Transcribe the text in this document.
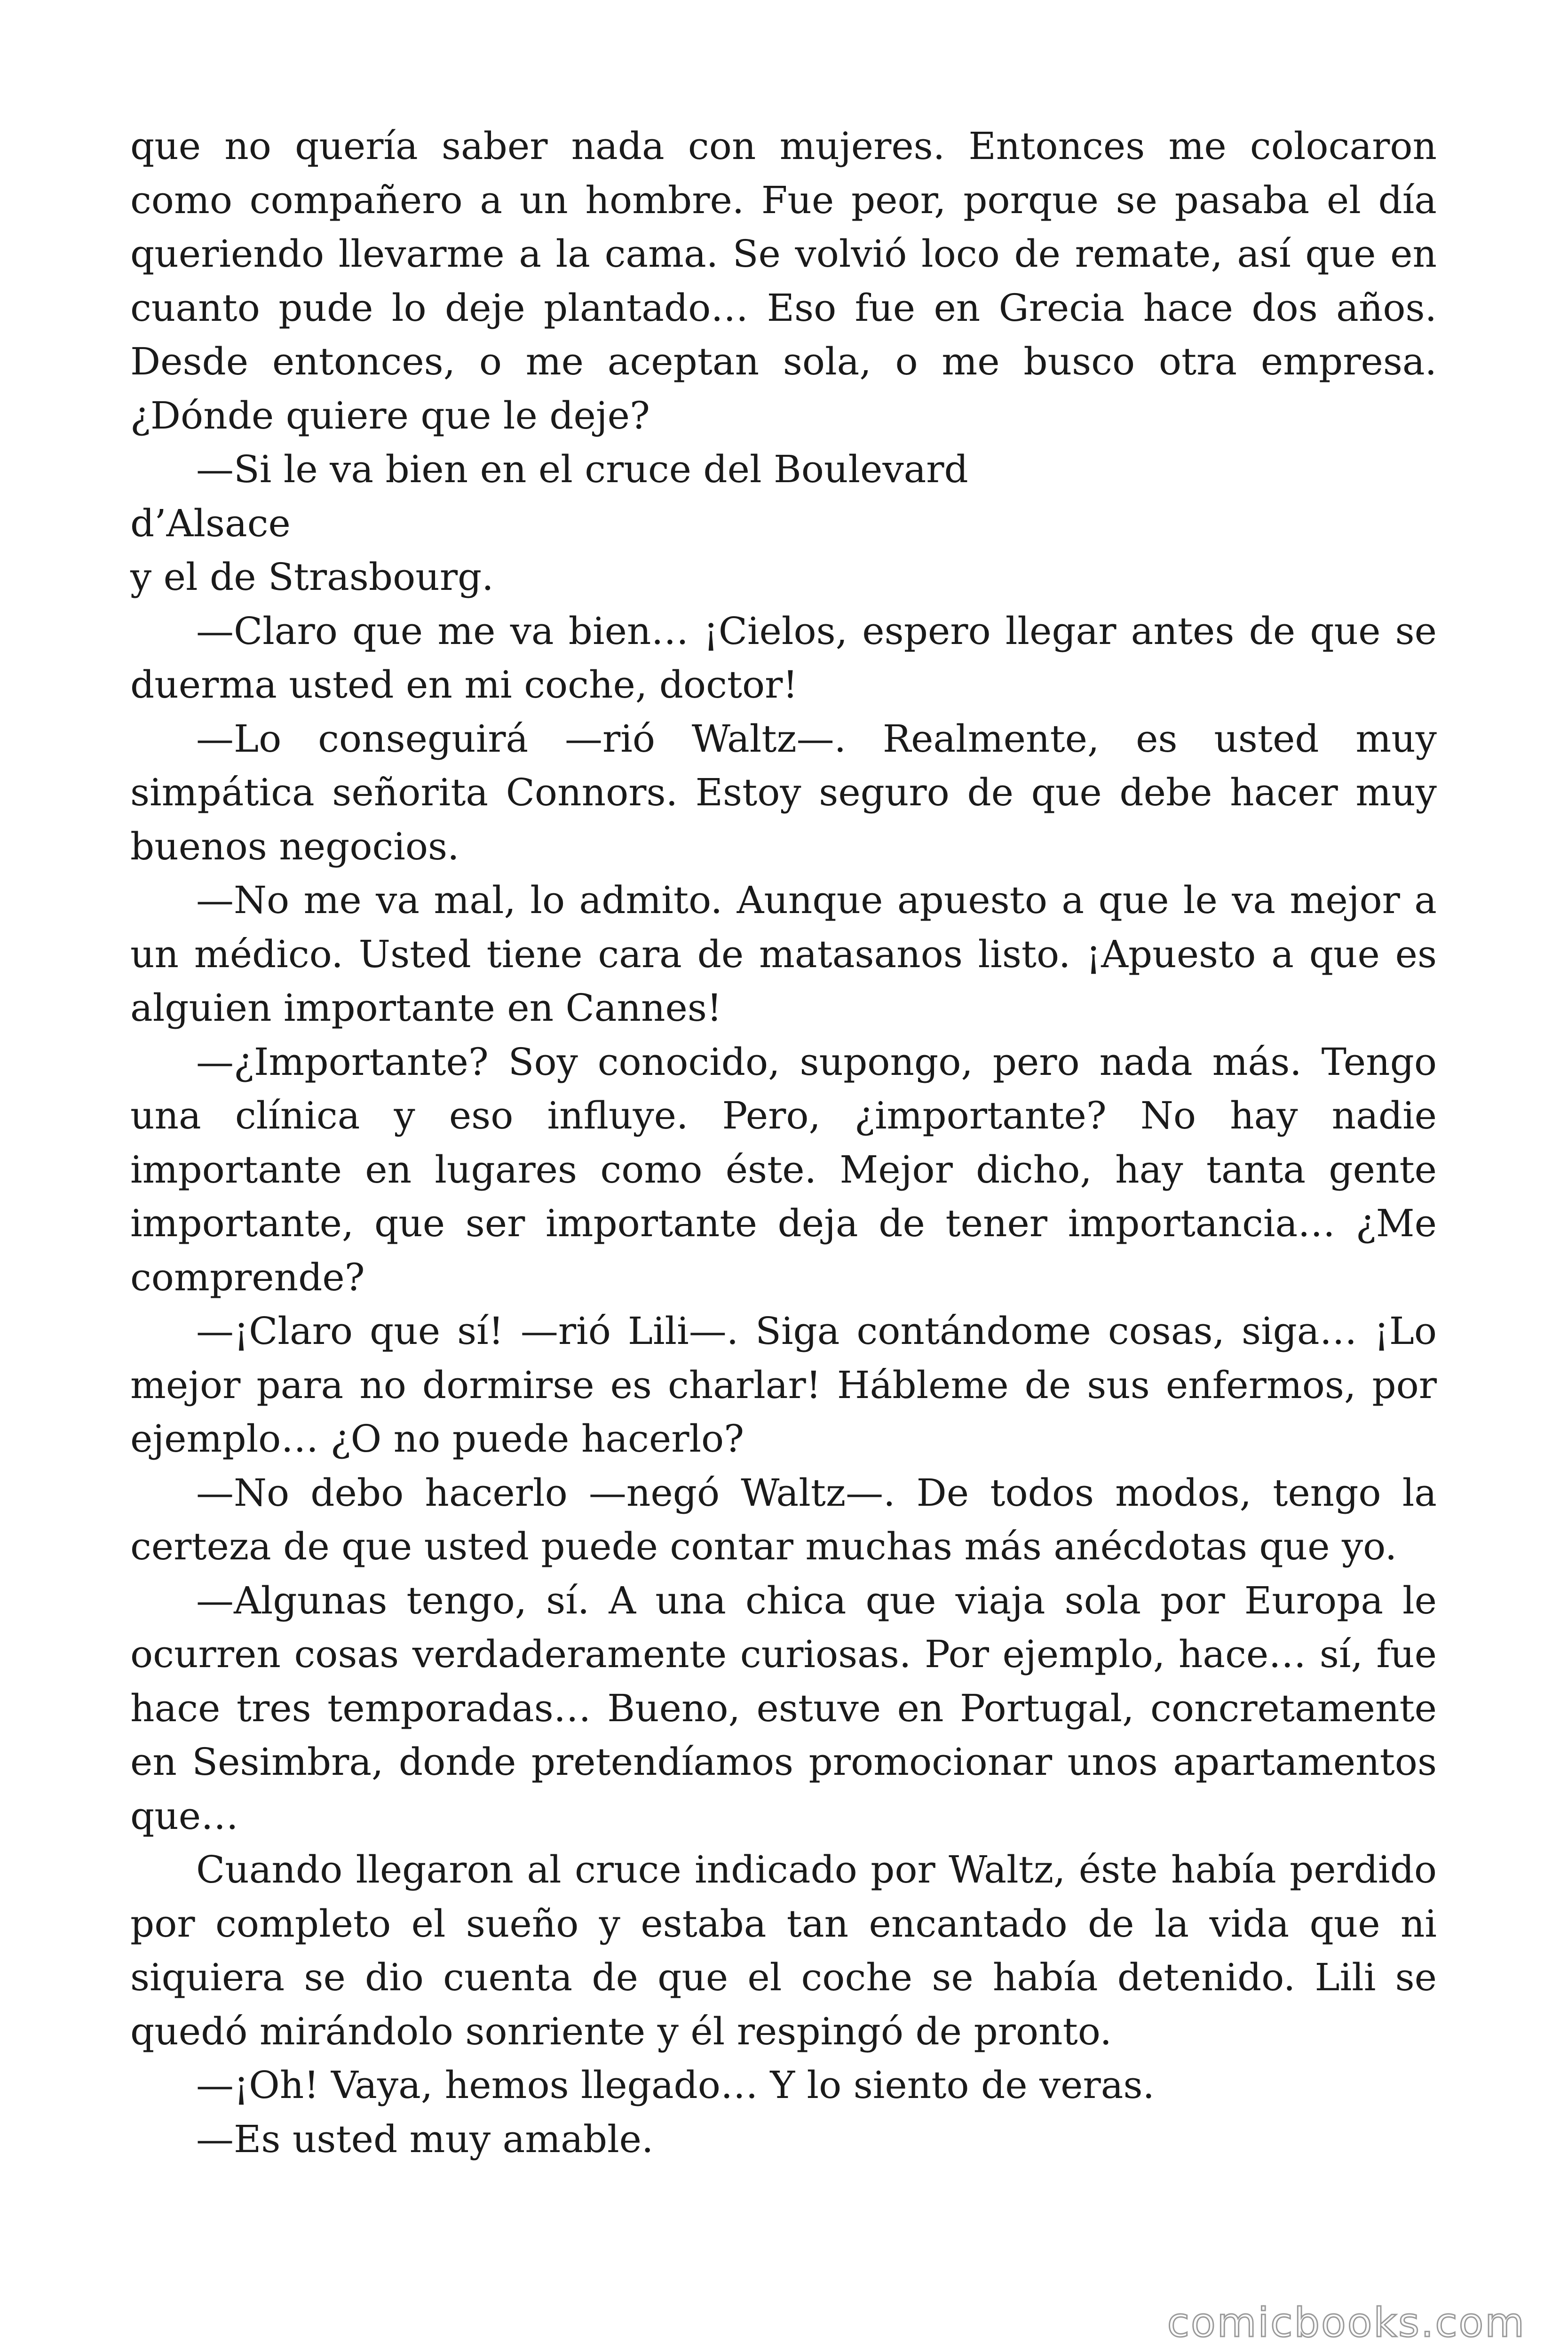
que no quería saber nada con mujeres. Entonces me colocaron como compañero a un hombre. Fue peor, porque se pasaba el día queriendo llevarme a la cama. Se volvió loco de remate, así que en cuanto pude lo deje plantado… Eso fue en Grecia hace dos años. Desde entonces, o me aceptan sola, o me busco otra empresa. ¿Dónde quiere que le deje?

—Si le va bien en el cruce del Boulevard

d’Alsace

y el de Strasbourg.

—Claro que me va bien… ¡Cielos, espero llegar antes de que se duerma usted en mi coche, doctor!

—Lo conseguirá —rió Waltz—. Realmente, es usted muy simpática señorita Connors. Estoy seguro de que debe hacer muy buenos negocios.

—No me va mal, lo admito. Aunque apuesto a que le va mejor a un médico. Usted tiene cara de matasanos listo. ¡Apuesto a que es alguien importante en Cannes!

—¿Importante? Soy conocido, supongo, pero nada más. Tengo una clínica y eso influye. Pero, ¿importante? No hay nadie importante en lugares como éste. Mejor dicho, hay tanta gente importante, que ser importante deja de tener importancia… ¿Me comprende?

—¡Claro que sí! —rió Lili—. Siga contándome cosas, siga… ¡Lo mejor para no dormirse es charlar! Hábleme de sus enfermos, por ejemplo… ¿O no puede hacerlo?

—No debo hacerlo —negó Waltz—. De todos modos, tengo la certeza de que usted puede contar muchas más anécdotas que yo.

—Algunas tengo, sí. A una chica que viaja sola por Europa le ocurren cosas verdaderamente curiosas. Por ejemplo, hace… sí, fue hace tres temporadas… Bueno, estuve en Portugal, concretamente en Sesimbra, donde pretendíamos promocionar unos apartamentos que…

Cuando llegaron al cruce indicado por Waltz, éste había perdido por completo el sueño y estaba tan encantado de la vida que ni siquiera se dio cuenta de que el coche se había detenido. Lili se quedó mirándolo sonriente y él respingó de pronto.

—¡Oh! Vaya, hemos llegado… Y lo siento de veras.

—Es usted muy amable.

comicbooks.com
